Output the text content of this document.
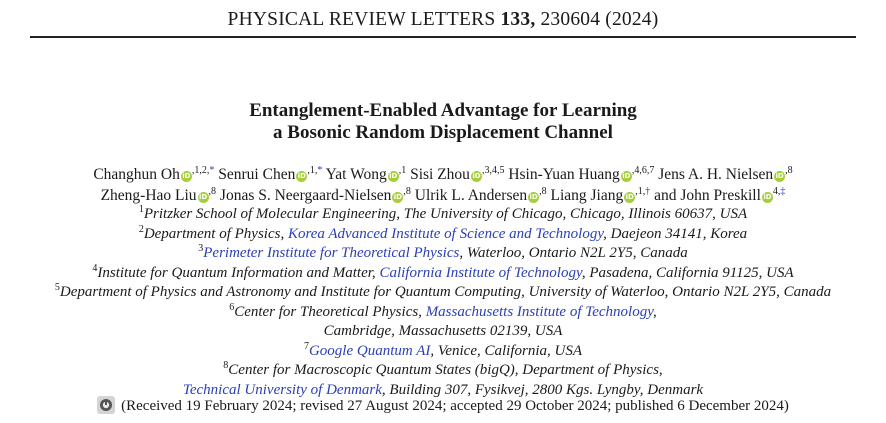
PHYSICAL REVIEW LETTERS 133, 230604 (2024)
Entanglement-Enabled Advantage for Learning
a Bosonic Random Displacement Channel
Changhun Oh $iD^{,1,2,*}$ Senrui Chen $iD^{,1,*}$ Yat Wong $iD^{,1}$ Sisi Zhou $iD^{,3,4,5}$ Hsin-Yuan Huang $iD^{,4,6,7}$ Jens A. H. Nielsen $iD^{,8}$
Zheng-Hao Liu $iD^{,8}$ Jonas S. Neergaard-Nielsen $iD^{,8}$ Ulrik L. Andersen $iD^{,8}$ Liang Jiang $iD^{,1,\dagger}$ and John Preskill $iD^{4,\ddagger}$
$^1$Pritzker School of Molecular Engineering, The University of Chicago, Chicago, Illinois 60637, USA
$^2$Department of Physics, Korea Advanced Institute of Science and Technology, Daejeon 34141, Korea
$^3$Perimeter Institute for Theoretical Physics, Waterloo, Ontario N2L 2Y5, Canada
$^4$Institute for Quantum Information and Matter, California Institute of Technology, Pasadena, California 91125, USA
$^5$Department of Physics and Astronomy and Institute for Quantum Computing, University of Waterloo, Ontario N2L 2Y5, Canada
$^6$Center for Theoretical Physics, Massachusetts Institute of Technology,
Cambridge, Massachusetts 02139, USA
$^7$Google Quantum AI, Venice, California, USA
$^8$Center for Macroscopic Quantum States (bigQ), Department of Physics,
Technical University of Denmark, Building 307, Fysikvej, 2800 Kgs. Lyngby, Denmark
(Received 19 February 2024; revised 27 August 2024; accepted 29 October 2024; published 6 December 2024)
